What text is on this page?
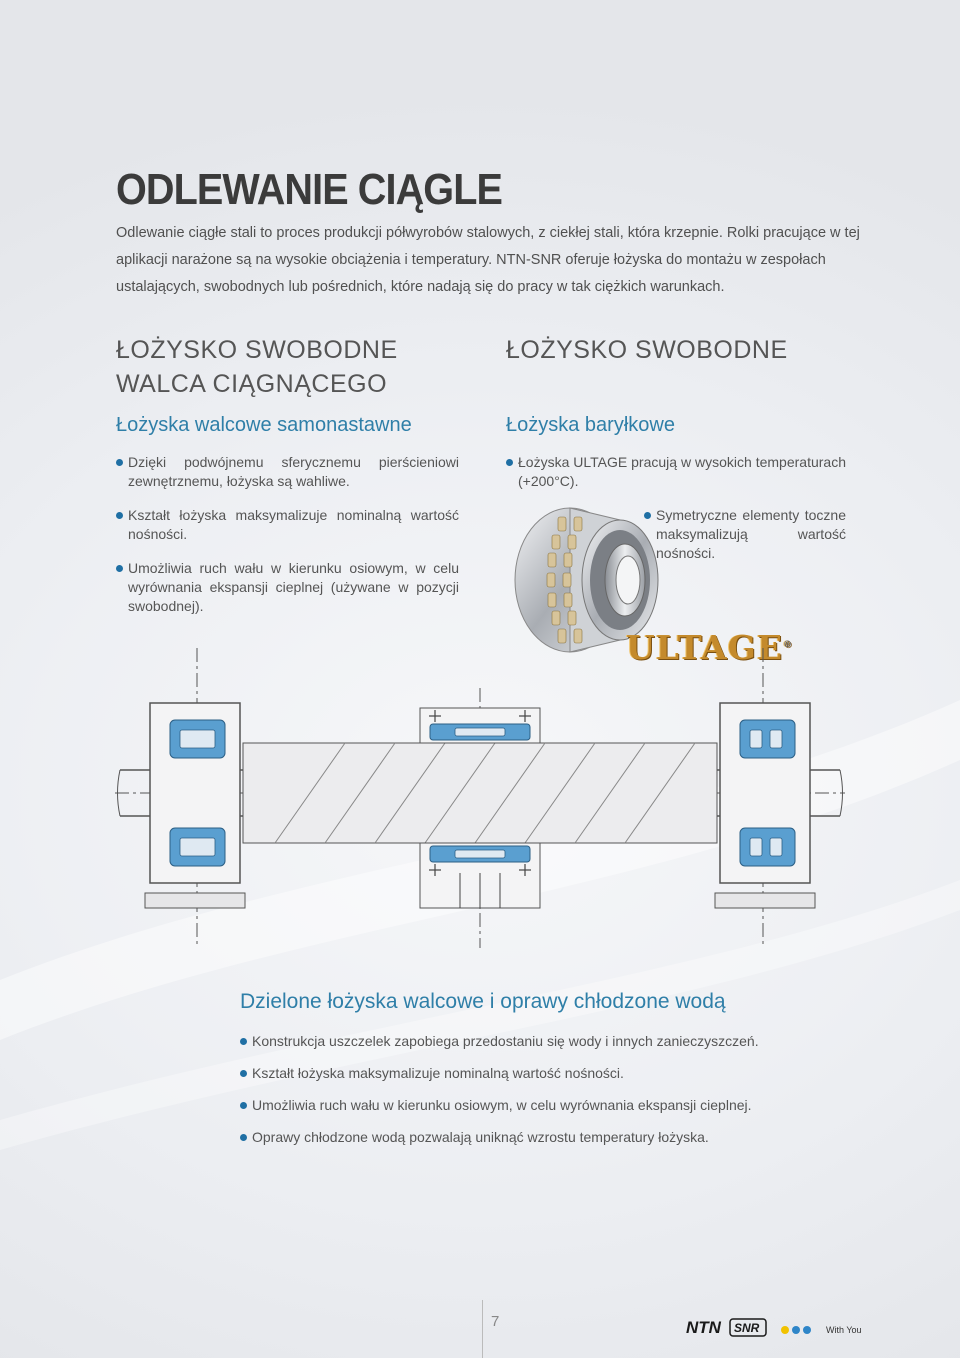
ODLEWANIE CIĄGLE

Odlewanie ciągłe stali to proces produkcji półwyrobów stalowych, z ciekłej stali, która krzepnie. Rolki pracujące w tej aplikacji narażone są na wysokie obciążenia i temperatury. NTN-SNR oferuje łożyska do montażu w zespołach ustalających, swobodnych lub pośrednich, które nadają się do pracy w tak ciężkich warunkach.

ŁOŻYSKO SWOBODNE
WALCA CIĄGNĄCEGO
Łożyska walcowe samonastawne
Dzięki podwójnemu sferycznemu pierścieniowi zewnętrznemu, łożyska są wahliwe.
Kształt łożyska maksymalizuje nominalną wartość nośności.
Umożliwia ruch wału w kierunku osiowym, w celu wyrównania ekspansji cieplnej (używane w pozycji swobodnej).
ŁOŻYSKO SWOBODNE
Łożyska baryłkowe
Łożyska ULTAGE pracują w wysokich temperaturach (+200°C).
Symetryczne elementy toczne maksymalizują wartość nośności.
ULTAGE®
Dzielone łożyska walcowe i oprawy chłodzone wodą
Konstrukcja uszczelek zapobiega przedostaniu się wody i innych zanieczyszczeń.
Kształt łożyska maksymalizuje nominalną wartość nośności.
Umożliwia ruch wału w kierunku osiowym, w celu wyrównania ekspansji cieplnej.
Oprawy chłodzone wodą pozwalają uniknąć wzrostu temperatury łożyska.
7	NTN SNR	With You
